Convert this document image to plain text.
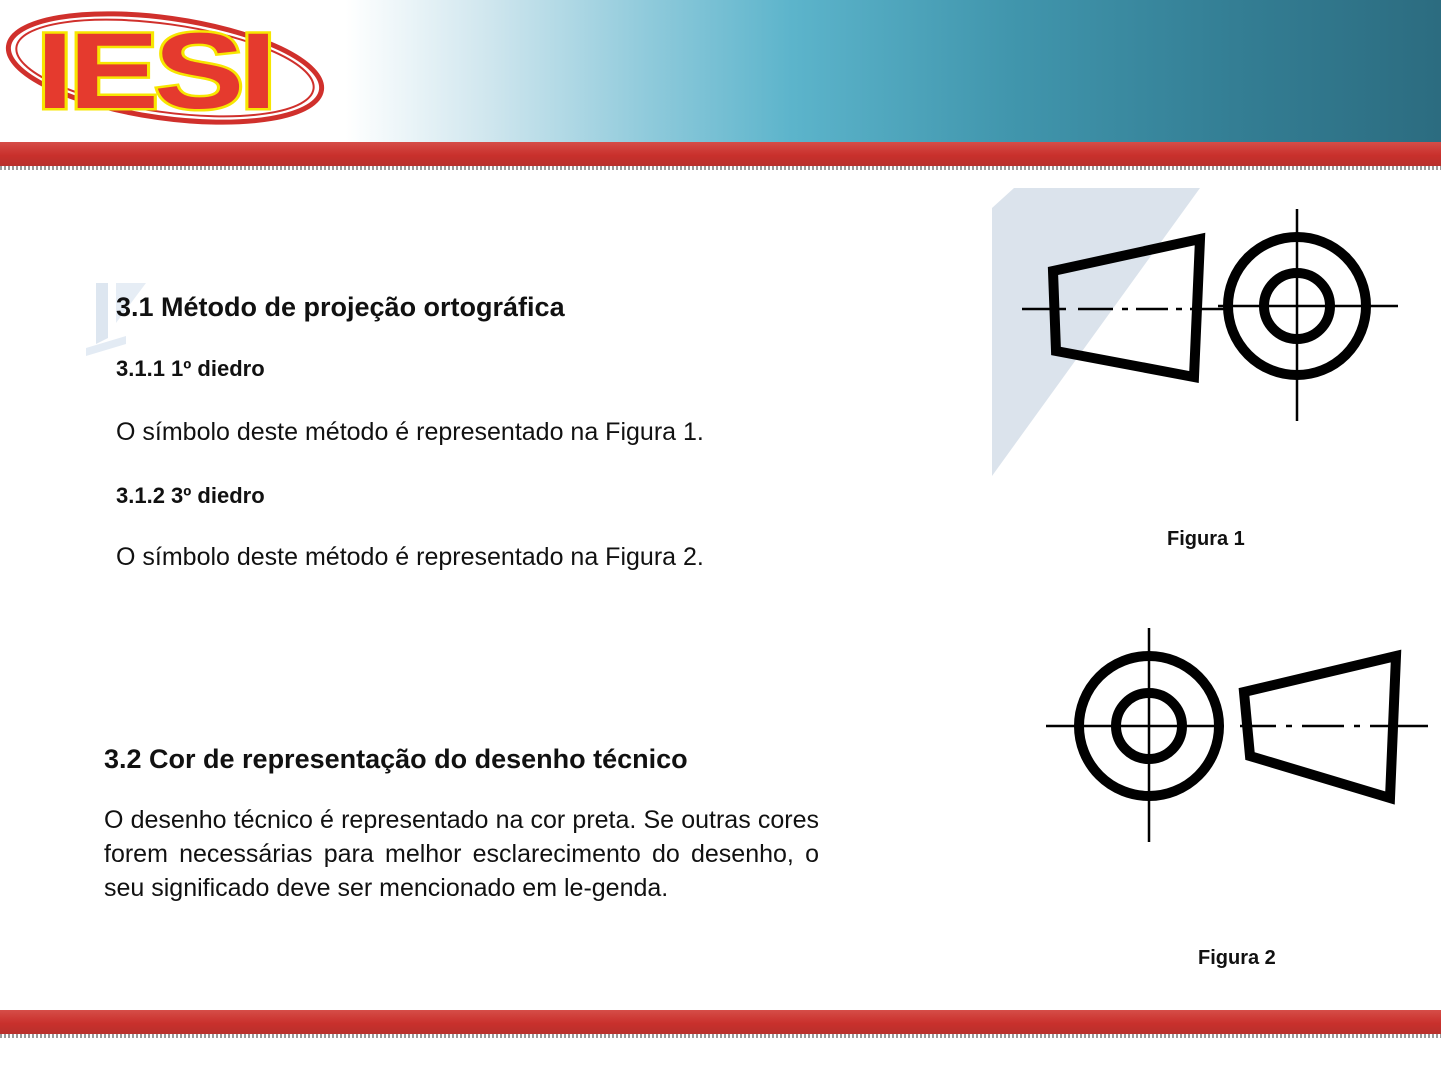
IESI
3.1 Método de projeção ortográfica
3.1.1 1º diedro
O símbolo deste método é representado na Figura 1.
3.1.2 3º diedro
O símbolo deste método é representado na Figura 2.
3.2 Cor de representação do desenho técnico
O desenho técnico é representado na cor preta. Se outras cores forem necessárias para melhor esclarecimento do desenho, o seu significado deve ser mencionado em le-genda.
Figura 1
Figura 2
